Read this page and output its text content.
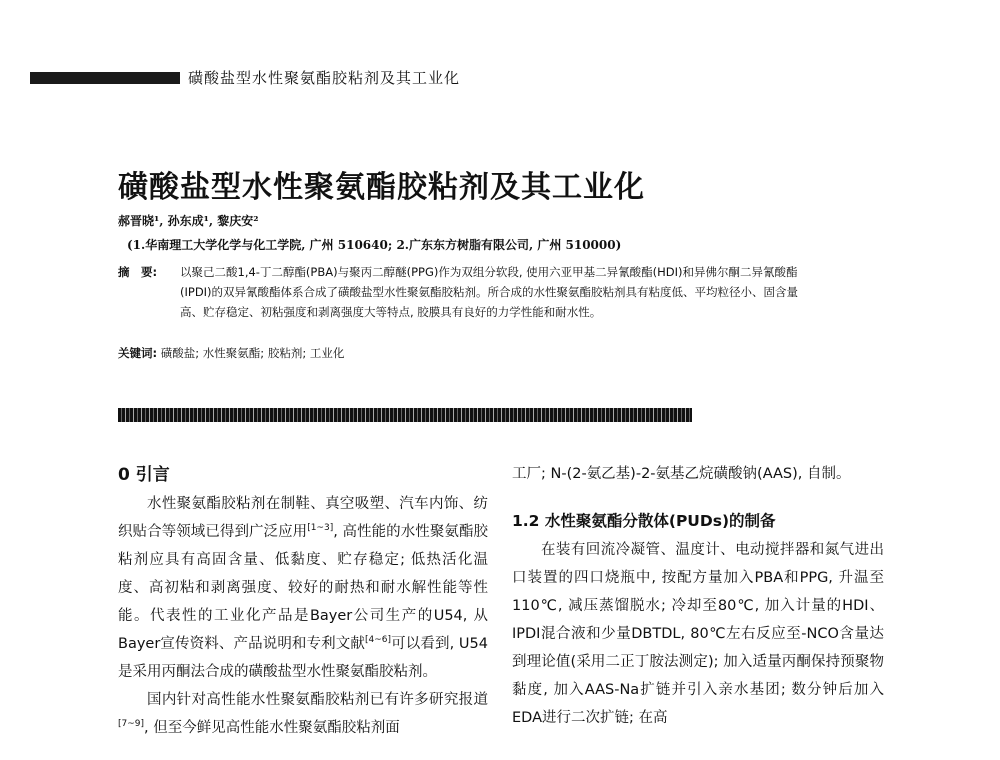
磺酸盐型水性聚氨酯胶粘剂及其工业化
磺酸盐型水性聚氨酯胶粘剂及其工业化
郝晋晓¹, 孙东成¹, 黎庆安²
(1.华南理工大学化学与化工学院, 广州 510640; 2.广东东方树脂有限公司, 广州 510000)
摘　要: 以聚己二酸1,4-丁二醇酯(PBA)与聚丙二醇醚(PPG)作为双组分软段, 使用六亚甲基二异氰酸酯(HDI)和异佛尔酮二异氰酸酯(IPDI)的双异氰酸酯体系合成了磺酸盐型水性聚氨酯胶粘剂。所合成的水性聚氨酯胶粘剂具有粘度低、平均粒径小、固含量高、贮存稳定、初粘强度和剥离强度大等特点, 胶膜具有良好的力学性能和耐水性。
关键词: 磺酸盐; 水性聚氨酯; 胶粘剂; 工业化
0 引言

水性聚氨酯胶粘剂在制鞋、真空吸塑、汽车内饰、纺织贴合等领域已得到广泛应用[1~3], 高性能的水性聚氨酯胶粘剂应具有高固含量、低黏度、贮存稳定; 低热活化温度、高初粘和剥离强度、较好的耐热和耐水解性能等性能。代表性的工业化产品是Bayer公司生产的U54, 从Bayer宣传资料、产品说明和专利文献[4~6]可以看到, U54是采用丙酮法合成的磺酸盐型水性聚氨酯胶粘剂。

国内针对高性能水性聚氨酯胶粘剂已有许多研究报道[7~9], 但至今鲜见高性能水性聚氨酯胶粘剂面

工厂; N-(2-氨乙基)-2-氨基乙烷磺酸钠(AAS), 自制。

1.2 水性聚氨酯分散体(PUDs)的制备

在装有回流冷凝管、温度计、电动搅拌器和氮气进出口装置的四口烧瓶中, 按配方量加入PBA和PPG, 升温至110℃, 减压蒸馏脱水; 冷却至80℃, 加入计量的HDI、IPDI混合液和少量DBTDL, 80℃左右反应至-NCO含量达到理论值(采用二正丁胺法测定); 加入适量丙酮保持预聚物黏度, 加入AAS-Na扩链并引入亲水基团; 数分钟后加入EDA进行二次扩链; 在高
